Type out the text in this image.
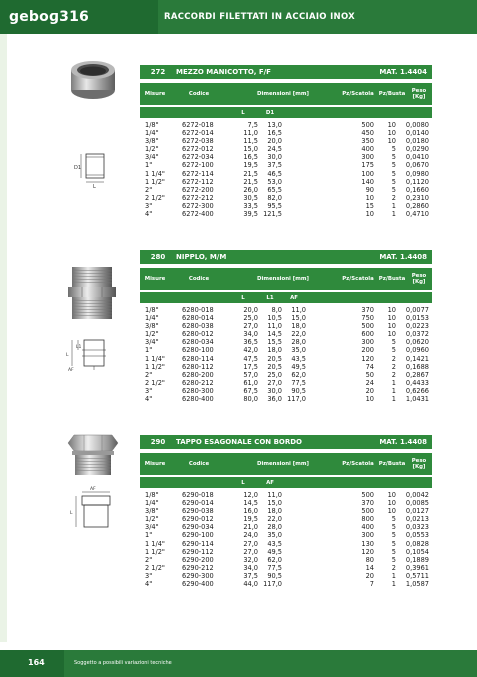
geboɡ316	RACCORDI FILETTATI IN ACCIAIO INOX
D1
L
L1
L
AF
AF
L
272	MEZZO MANICOTTO, F/F	MAT. 1.4404
Misure	Codice	Dimensioni [mm]	Pz/Scatola Pz/Busta	Peso [Kg]
L	D1
1/8"	6272-018	7,5	13,0	500	10	0,0080
1/4"	6272-014	11,0	16,5	450	10	0,0140
3/8"	6272-038	11,5	20,0	350	10	0,0180
1/2"	6272-012	15,0	24,5	400	5	0,0290
3/4"	6272-034	16,5	30,0	300	5	0,0410
1"	6272-100	19,5	37,5	175	5	0,0670
1 1/4"	6272-114	21,5	46,5	100	5	0,0980
1 1/2"	6272-112	21,5	53,0	140	5	0,1120
2"	6272-200	26,0	65,5	90	5	0,1660
2 1/2"	6272-212	30,5	82,0	10	2	0,2310
3"	6272-300	33,5	95,5	15	1	0,2860
4"	6272-400	39,5 121,5	10	1	0,4710
280	NIPPLO, M/M	MAT. 1.4408
Misure	Codice	Dimensioni [mm]	Pz/Scatola Pz/Busta	Peso [Kg]
L	L1	AF
1/8"	6280-018	20,0	8,0	11,0	370	10	0,0077
1/4"	6280-014	25,0	10,5	15,0	750	10	0,0153
3/8"	6280-038	27,0	11,0	18,0	500	10	0,0223
1/2"	6280-012	34,0	14,5	22,0	600	10	0,0372
3/4"	6280-034	36,5	15,5	28,0	300	5	0,0620
1"	6280-100	42,0	18,0	35,0	200	5	0,0960
1 1/4"	6280-114	47,5	20,5	43,5	120	2	0,1421
1 1/2"	6280-112	17,5	20,5	49,5	74	2	0,1688
2"	6280-200	57,0	25,0	62,0	50	2	0,2867
2 1/2"	6280-212	61,0	27,0	77,5	24	1	0,4433
3"	6280-300	67,5	30,0	90,5	20	1	0,6266
4"	6280-400	80,0	36,0 117,0	10	1	1,0431
290	TAPPO ESAGONALE CON BORDO	MAT. 1.4408
Misure	Codice	Dimensioni [mm]	Pz/Scatola Pz/Busta	Peso [Kg]
L	AF
1/8"	6290-018	12,0	11,0	500	10	0,0042
1/4"	6290-014	14,5	15,0	370	10	0,0085
3/8"	6290-038	16,0	18,0	500	10	0,0127
1/2"	6290-012	19,5	22,0	800	5	0,0213
3/4"	6290-034	21,0	28,0	400	5	0,0323
1"	6290-100	24,0	35,0	300	5	0,0553
1 1/4"	6290-114	27,0	43,5	130	5	0,0828
1 1/2"	6290-112	27,0	49,5	120	5	0,1054
2"	6290-200	32,0	62,0	80	5	0,1889
2 1/2"	6290-212	34,0	77,5	14	2	0,3961
3"	6290-300	37,5	90,5	20	1	0,5711
4"	6290-400	44,0 117,0	7	1	1,0587
164	Soggetto a possibili variazioni tecniche
